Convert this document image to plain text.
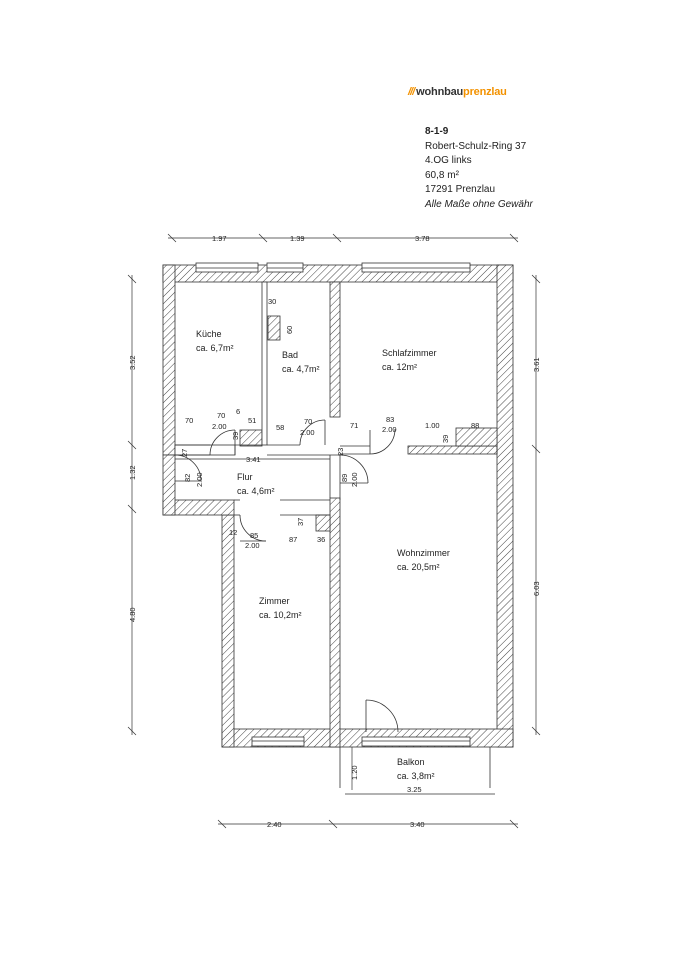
/// wohnbauprenzlau
8-1-9
Robert-Schulz-Ring 37
4.OG links
60,8 m²
17291 Prenzlau
Alle Maße ohne Gewähr
1.97	1.39	3.78
2.40	3.40
3.52
1.32
4.80
3.61
6.03
3.25
1.20
30
60
70
70 6
2.00
39
51
58
70
2.00
71
83
2.00	1.00	88
39
27
3.41
23
82 2.00	89 2.00
12 85
37
2.00
87	36
Küche
ca. 6,7m²
Bad
ca. 4,7m²
Schlafzimmer
ca. 12m²
Flur
ca. 4,6m²
Wohnzimmer
ca. 20,5m²
Zimmer
ca. 10,2m²
Balkon
ca. 3,8m²
